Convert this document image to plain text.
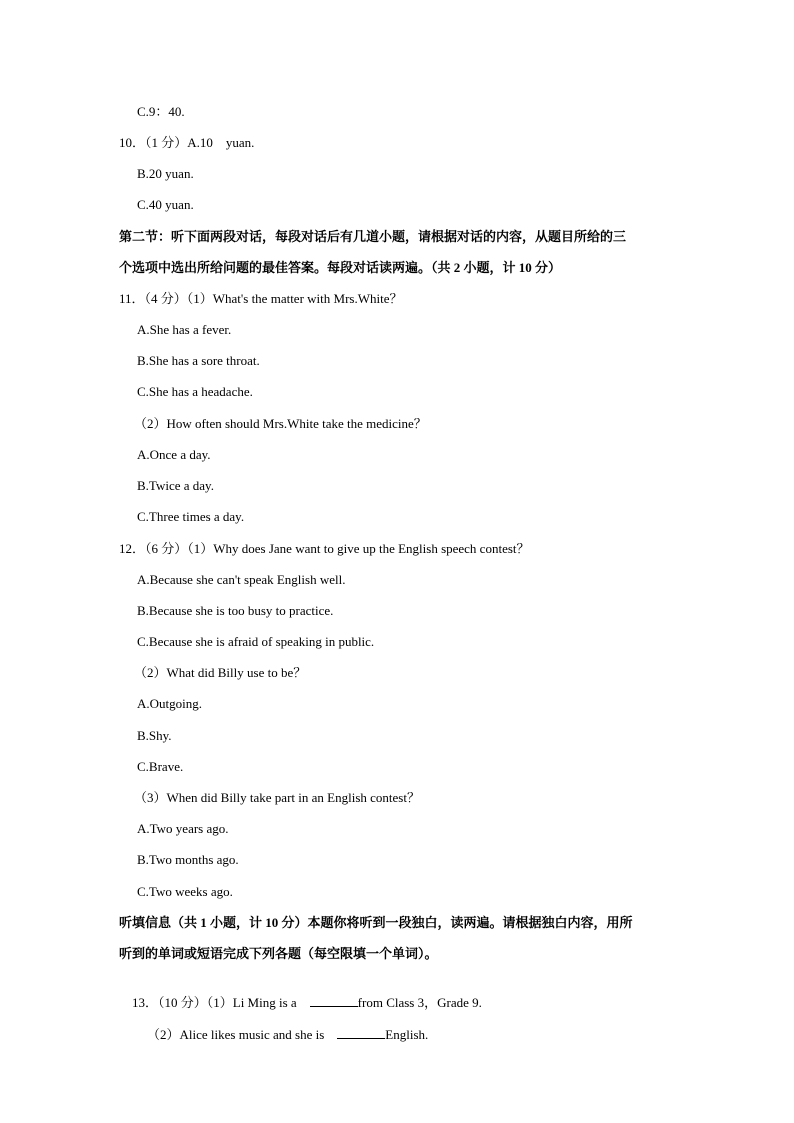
C.9：40.
10．（1 分）A.10    yuan.
B.20 yuan.
C.40 yuan.
第二节：听下面两段对话，每段对话后有几道小题，请根据对话的内容，从题目所给的三
个选项中选出所给问题的最佳答案。每段对话读两遍。（共 2 小题，计 10 分）
11．（4 分）（1）What's the matter with Mrs.White？
A.She has a fever.
B.She has a sore throat.
C.She has a headache.
（2）How often should Mrs.White take the medicine？
A.Once a day.
B.Twice a day.
C.Three times a day.
12．（6 分）（1）Why does Jane want to give up the English speech contest？
A.Because she can't speak English well.
B.Because she is too busy to practice.
C.Because she is afraid of speaking in public.
（2）What did Billy use to be？
A.Outgoing.
B.Shy.
C.Brave.
（3）When did Billy take part in an English contest？
A.Two years ago.
B.Two months ago.
C.Two weeks ago.
听填信息（共 1 小题，计 10 分）本题你将听到一段独白，读两遍。请根据独白内容，用所
听到的单词或短语完成下列各题（每空限填一个单词）。

13．（10 分）（1）Li Ming is a	from Class 3，Grade 9.

（2）Alice likes music and she is	English.
